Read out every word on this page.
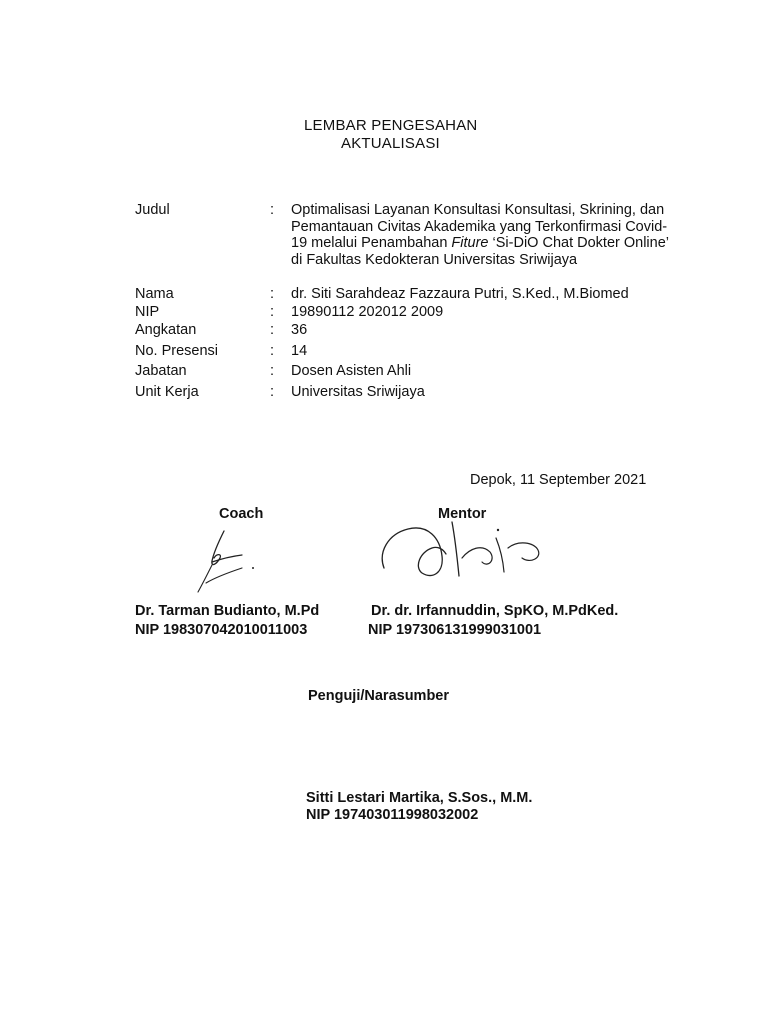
LEMBAR PENGESAHAN
AKTUALISASI
Judul	: Optimalisasi Layanan Konsultasi Konsultasi, Skrining, dan Pemantauan Civitas Akademika yang Terkonfirmasi Covid-19 melalui Penambahan Fiture ‘Si-DiO Chat Dokter Online’ di Fakultas Kedokteran Universitas Sriwijaya
Nama	: dr. Siti Sarahdeaz Fazzaura Putri, S.Ked., M.Biomed
NIP	: 19890112 202012 2009
Angkatan	: 36
No. Presensi	: 14
Jabatan	: Dosen Asisten Ahli
Unit Kerja	: Universitas Sriwijaya
Depok, 11 September 2021
Coach
Dr. Tarman Budianto, M.Pd
NIP 198307042010011003
Mentor
Dr. dr. Irfannuddin, SpKO, M.PdKed.
NIP 197306131999031001
Penguji/Narasumber
Sitti Lestari Martika, S.Sos., M.M.
NIP 197403011998032002
